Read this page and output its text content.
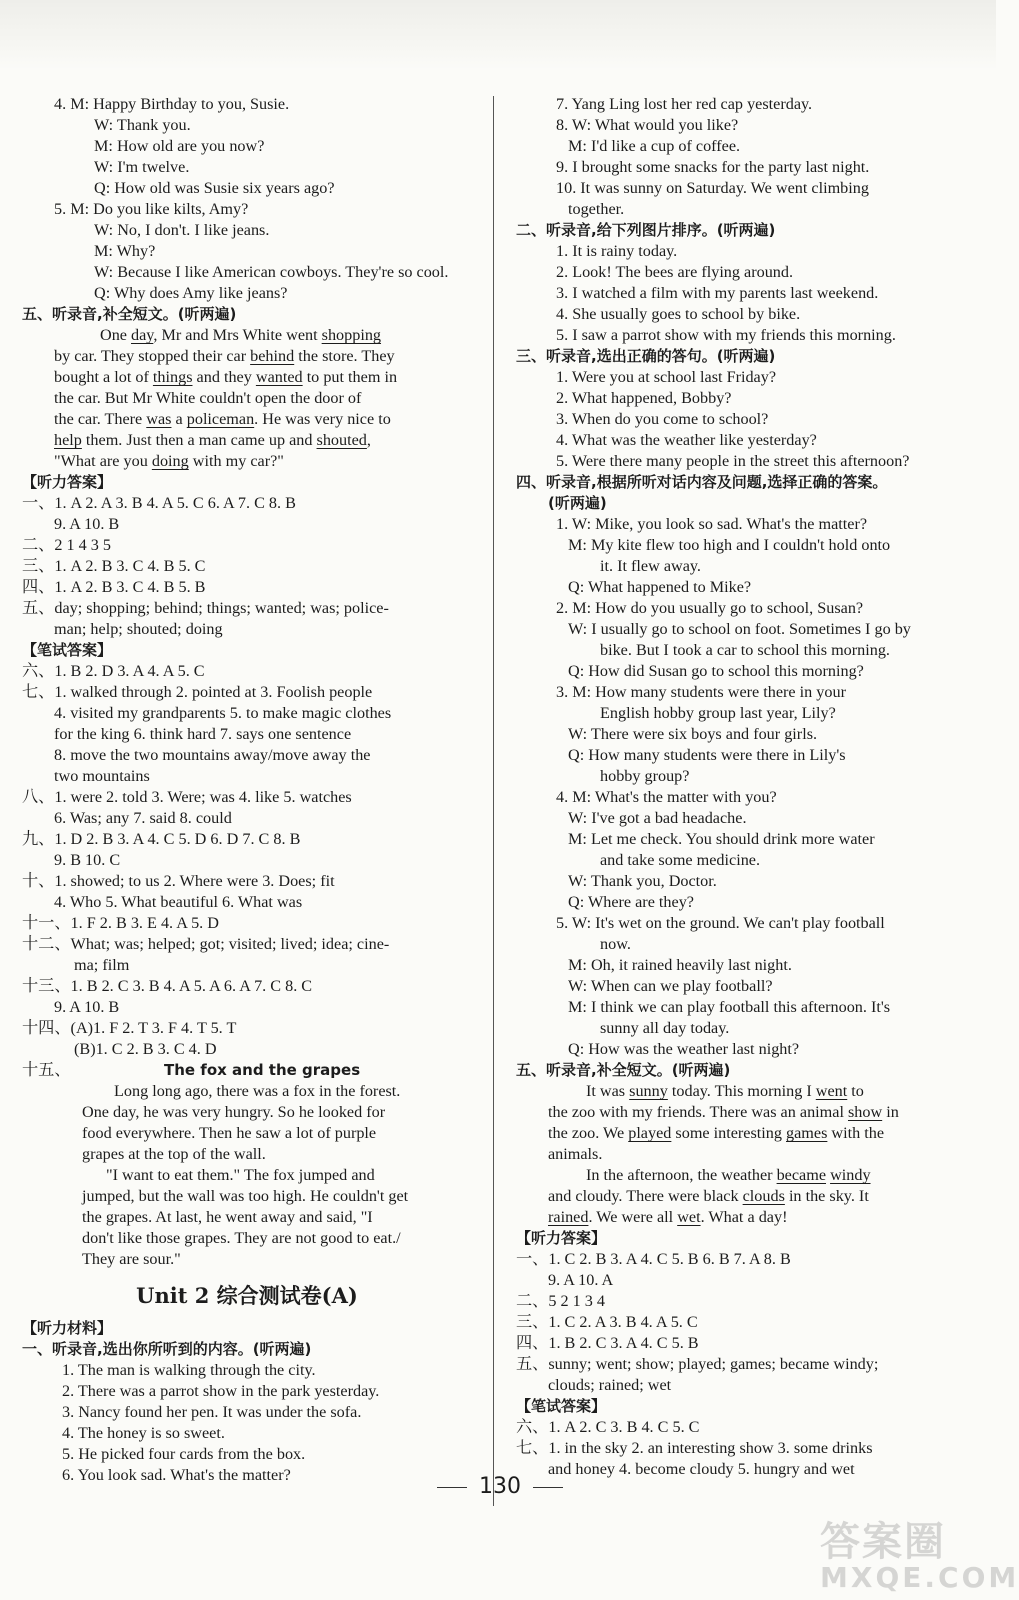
4. M: Happy Birthday to you, Susie.
W: Thank you.
M: How old are you now?
W: I'm twelve.
Q: How old was Susie six years ago?
5. M: Do you like kilts, Amy?
W: No, I don't. I like jeans.
M: Why?
W: Because I like American cowboys. They're so cool.
Q: Why does Amy like jeans?
五、听录音,补全短文。(听两遍)
One day, Mr and Mrs White went shopping
by car. They stopped their car behind the store. They
bought a lot of things and they wanted to put them in
the car. But Mr White couldn't open the door of
the car. There was a policeman. He was very nice to
help them. Just then a man came up and shouted,
"What are you doing with my car?"
【听力答案】
一、1. A 2. A 3. B 4. A 5. C 6. A 7. C 8. B
9. A 10. B
二、2 1 4 3 5
三、1. A 2. B 3. C 4. B 5. C
四、1. A 2. B 3. C 4. B 5. B
五、day; shopping; behind; things; wanted; was; police-
man; help; shouted; doing
【笔试答案】
六、1. B 2. D 3. A 4. A 5. C
七、1. walked through 2. pointed at 3. Foolish people
4. visited my grandparents 5. to make magic clothes
for the king 6. think hard 7. says one sentence
8. move the two mountains away/move away the
two mountains
八、1. were 2. told 3. Were; was 4. like 5. watches
6. Was; any 7. said 8. could
九、1. D 2. B 3. A 4. C 5. D 6. D 7. C 8. B
9. B 10. C
十、1. showed; to us 2. Where were 3. Does; fit
4. Who 5. What beautiful 6. What was
十一、1. F 2. B 3. E 4. A 5. D
十二、What; was; helped; got; visited; lived; idea; cine-
ma; film
十三、1. B 2. C 3. B 4. A 5. A 6. A 7. C 8. C
9. A 10. B
十四、(A)1. F 2. T 3. F 4. T 5. T
(B)1. C 2. B 3. C 4. D
十五、	The fox and the grapes
Long long ago, there was a fox in the forest.
One day, he was very hungry. So he looked for
food everywhere. Then he saw a lot of purple
grapes at the top of the wall.
"I want to eat them." The fox jumped and
jumped, but the wall was too high. He couldn't get
the grapes. At last, he went away and said, "I
don't like those grapes. They are not good to eat./
They are sour."
Unit 2 综合测试卷(A)
【听力材料】
一、听录音,选出你所听到的内容。(听两遍)
1. The man is walking through the city.
2. There was a parrot show in the park yesterday.
3. Nancy found her pen. It was under the sofa.
4. The honey is so sweet.
5. He picked four cards from the box.
6. You look sad. What's the matter?
7. Yang Ling lost her red cap yesterday.
8. W: What would you like?
M: I'd like a cup of coffee.
9. I brought some snacks for the party last night.
10. It was sunny on Saturday. We went climbing
together.
二、听录音,给下列图片排序。(听两遍)
1. It is rainy today.
2. Look! The bees are flying around.
3. I watched a film with my parents last weekend.
4. She usually goes to school by bike.
5. I saw a parrot show with my friends this morning.
三、听录音,选出正确的答句。(听两遍)
1. Were you at school last Friday?
2. What happened, Bobby?
3. When do you come to school?
4. What was the weather like yesterday?
5. Were there many people in the street this afternoon?
四、听录音,根据所听对话内容及问题,选择正确的答案。
(听两遍)
1. W: Mike, you look so sad. What's the matter?
M: My kite flew too high and I couldn't hold onto
it. It flew away.
Q: What happened to Mike?
2. M: How do you usually go to school, Susan?
W: I usually go to school on foot. Sometimes I go by
bike. But I took a car to school this morning.
Q: How did Susan go to school this morning?
3. M: How many students were there in your
English hobby group last year, Lily?
W: There were six boys and four girls.
Q: How many students were there in Lily's
hobby group?
4. M: What's the matter with you?
W: I've got a bad headache.
M: Let me check. You should drink more water
and take some medicine.
W: Thank you, Doctor.
Q: Where are they?
5. W: It's wet on the ground. We can't play football
now.
M: Oh, it rained heavily last night.
W: When can we play football?
M: I think we can play football this afternoon. It's
sunny all day today.
Q: How was the weather last night?
五、听录音,补全短文。(听两遍)
It was sunny today. This morning I went to
the zoo with my friends. There was an animal show in
the zoo. We played some interesting games with the
animals.
In the afternoon, the weather became windy
and cloudy. There were black clouds in the sky. It
rained. We were all wet. What a day!
【听力答案】
一、1. C 2. B 3. A 4. C 5. B 6. B 7. A 8. B
9. A 10. A
二、5 2 1 3 4
三、1. C 2. A 3. B 4. A 5. C
四、1. B 2. C 3. A 4. C 5. B
五、sunny; went; show; played; games; became windy;
clouds; rained; wet
【笔试答案】
六、1. A 2. C 3. B 4. C 5. C
七、1. in the sky 2. an interesting show 3. some drinks
and honey 4. become cloudy 5. hungry and wet
130
答案圈
MXQE.COM
